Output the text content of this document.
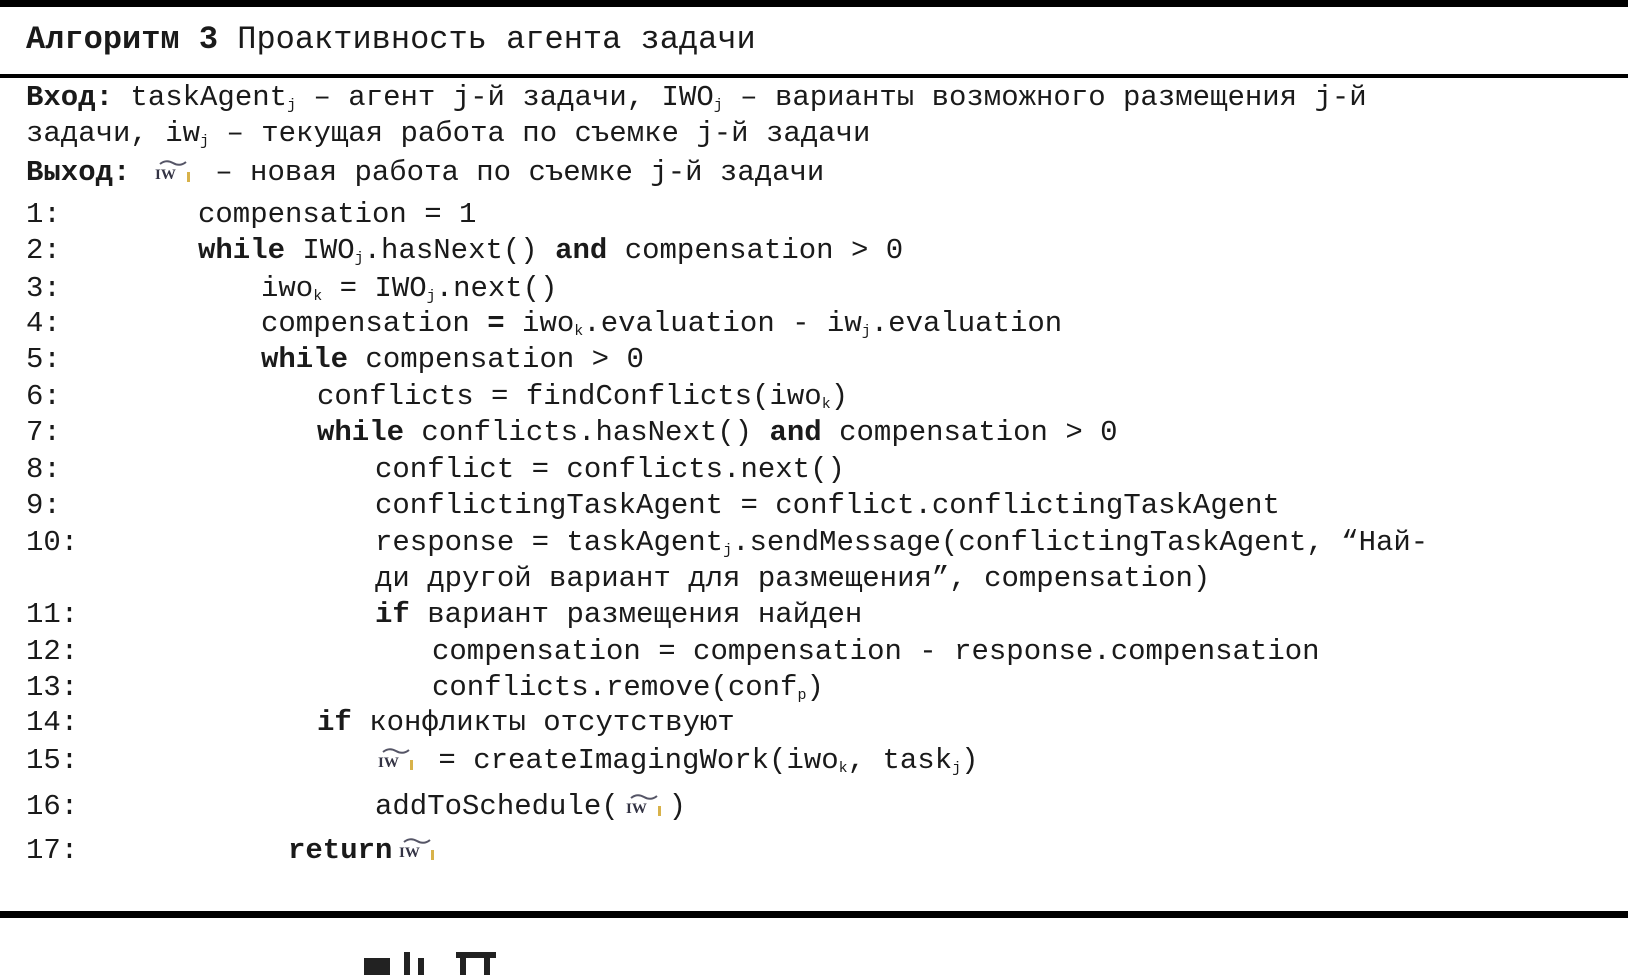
Алгоритм 3 Проактивность агента задачи
Вход: taskAgent$_j$ – агент j-й задачи, $IWO_j$ – варианты возможного размещения j-й
задачи, $iw_j$ – текущая работа по съемке j-й задачи
Выход: IW – новая работа по съемке j-й задачи
1:	compensation = 1
2:	while $IWO_j.hasNext()$ and compensation > 0
3:	$iwo_k = IWO_j.next()$
4:	compensation = iwo$_k$.evaluation - $iw_j.evaluation$
5:	while compensation > 0
6:	conflicts = findConflicts(iwo$_k$)
7:	while conflicts.hasNext() and compensation > 0
8:	conflict = conflicts.next()
9:	conflictingTaskAgent = conflict.conflictingTaskAgent
10:	response = taskAgent$_j$.sendMessage(conflictingTaskAgent, “Най-
ди другой вариант для размещения”, compensation)
11:	if вариант размещения найден
12:	compensation = compensation - response.compensation
13:	conflicts.remove(conf$_p$)
14:	if конфликты отсутствуют
15:	IW = createImagingWork(iwo$_k$, task$_j$)
16:	addToSchedule( IW )
17:	return IW
